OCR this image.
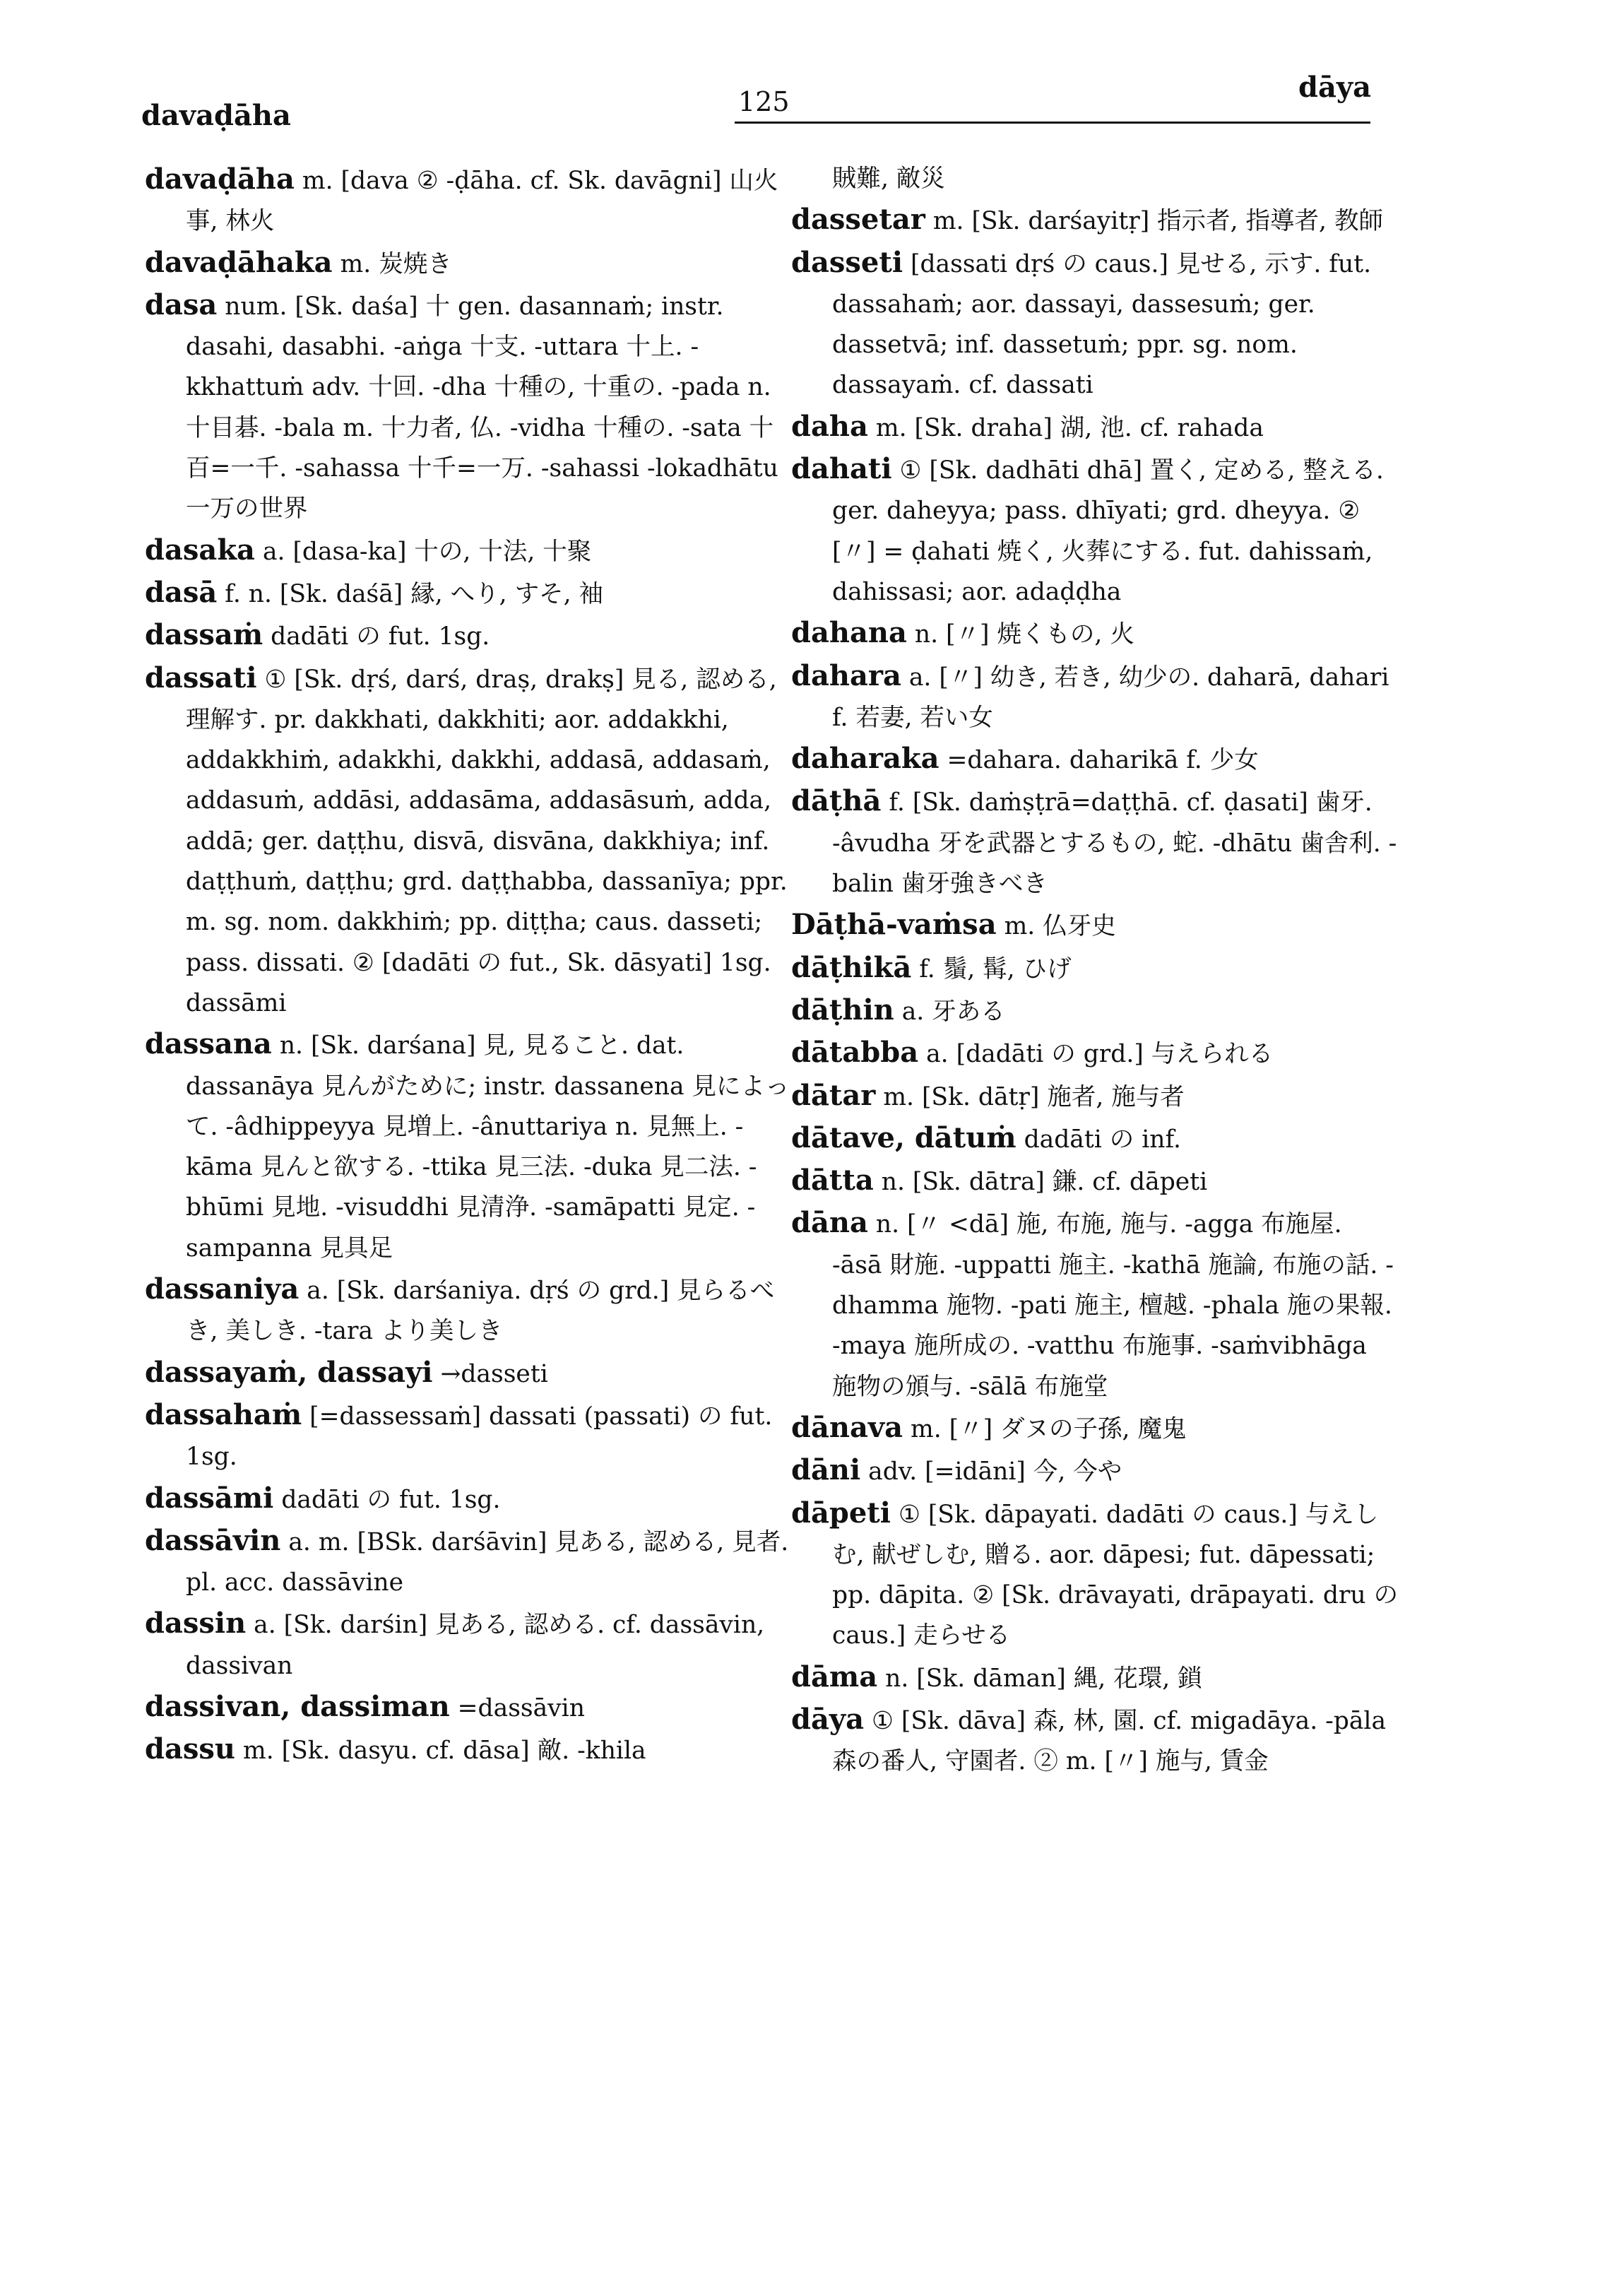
davaḍāha	125	dāya

davaḍāha m. [dava ② -ḍāha. cf. Sk. davāgni] 山火事, 林火

davaḍāhaka m. 炭焼き

dasa num. [Sk. daśa] 十 gen. dasannaṁ; instr. dasahi, dasabhi. -aṅga 十支. -uttara 十上. -kkhattuṁ adv. 十回. -dha 十種の, 十重の. -pada n. 十目碁. -bala m. 十力者, 仏. -vidha 十種の. -sata 十百=一千. -sahassa 十千=一万. -sahassi -lokadhātu 一万の世界

dasaka a. [dasa-ka] 十の, 十法, 十聚

dasā f. n. [Sk. daśā] 縁, へり, すそ, 袖

dassaṁ dadāti の fut. 1sg.

dassati ① [Sk. dṛś, darś, draṣ, drakṣ] 見る, 認める, 理解す. pr. dakkhati, dakkhiti; aor. addakkhi, addakkhiṁ, adakkhi, dakkhi, addasā, addasaṁ, addasuṁ, addāsi, addasāma, addasāsuṁ, adda, addā; ger. daṭṭhu, disvā, disvāna, dakkhiya; inf. daṭṭhuṁ, daṭṭhu; grd. daṭṭhabba, dassanīya; ppr. m. sg. nom. dakkhiṁ; pp. diṭṭha; caus. dasseti; pass. dissati. ② [dadāti の fut., Sk. dāsyati] 1sg. dassāmi

dassana n. [Sk. darśana] 見, 見ること. dat. dassanāya 見んがために; instr. dassanena 見によって. -âdhippeyya 見増上. -ânuttariya n. 見無上. -kāma 見んと欲する. -ttika 見三法. -duka 見二法. -bhūmi 見地. -visuddhi 見清浄. -samāpatti 見定. -sampanna 見具足

dassaniya a. [Sk. darśaniya. dṛś の grd.] 見らるべき, 美しき. -tara より美しき

dassayaṁ, dassayi →dasseti

dassahaṁ [=dassessaṁ] dassati (passati) の fut. 1sg.

dassāmi dadāti の fut. 1sg.

dassāvin a. m. [BSk. darśāvin] 見ある, 認める, 見者. pl. acc. dassāvine

dassin a. [Sk. darśin] 見ある, 認める. cf. dassāvin, dassivan

dassivan, dassiman =dassāvin

dassu m. [Sk. dasyu. cf. dāsa] 敵. -khila

賊難, 敵災

dassetar m. [Sk. darśayitṛ] 指示者, 指導者, 教師

dasseti [dassati dṛś の caus.] 見せる, 示す. fut. dassahaṁ; aor. dassayi, dassesuṁ; ger. dassetvā; inf. dassetuṁ; ppr. sg. nom. dassayaṁ. cf. dassati

daha m. [Sk. draha] 湖, 池. cf. rahada

dahati ① [Sk. dadhāti dhā] 置く, 定める, 整える. ger. daheyya; pass. dhīyati; grd. dheyya. ② [〃] = ḍahati 焼く, 火葬にする. fut. dahissaṁ, dahissasi; aor. adaḍḍha

dahana n. [〃] 焼くもの, 火

dahara a. [〃] 幼き, 若き, 幼少の. daharā, dahari f. 若妻, 若い女

daharaka =dahara. daharikā f. 少女

dāṭhā f. [Sk. daṁṣṭrā=daṭṭhā. cf. ḍasati] 歯牙. -âvudha 牙を武器とするもの, 蛇. -dhātu 歯舎利. -balin 歯牙強きべき

Dāṭhā-vaṁsa m. 仏牙史

dāṭhikā f. 鬚, 髯, ひげ

dāṭhin a. 牙ある

dātabba a. [dadāti の grd.] 与えられる

dātar m. [Sk. dātṛ] 施者, 施与者

dātave, dātuṁ dadāti の inf.

dātta n. [Sk. dātra] 鎌. cf. dāpeti

dāna n. [〃 <dā] 施, 布施, 施与. -agga 布施屋. -āsā 財施. -uppatti 施主. -kathā 施論, 布施の話. -dhamma 施物. -pati 施主, 檀越. -phala 施の果報. -maya 施所成の. -vatthu 布施事. -saṁvibhāga 施物の頒与. -sālā 布施堂

dānava m. [〃] ダヌの子孫, 魔鬼

dāni adv. [=idāni] 今, 今や

dāpeti ① [Sk. dāpayati. dadāti の caus.] 与えしむ, 献ぜしむ, 贈る. aor. dāpesi; fut. dāpessati; pp. dāpita. ② [Sk. drāvayati, drāpayati. dru の caus.] 走らせる

dāma n. [Sk. dāman] 縄, 花環, 鎖

dāya ① [Sk. dāva] 森, 林, 園. cf. migadāya. -pāla 森の番人, 守園者. ② m. [〃] 施与, 賃金
